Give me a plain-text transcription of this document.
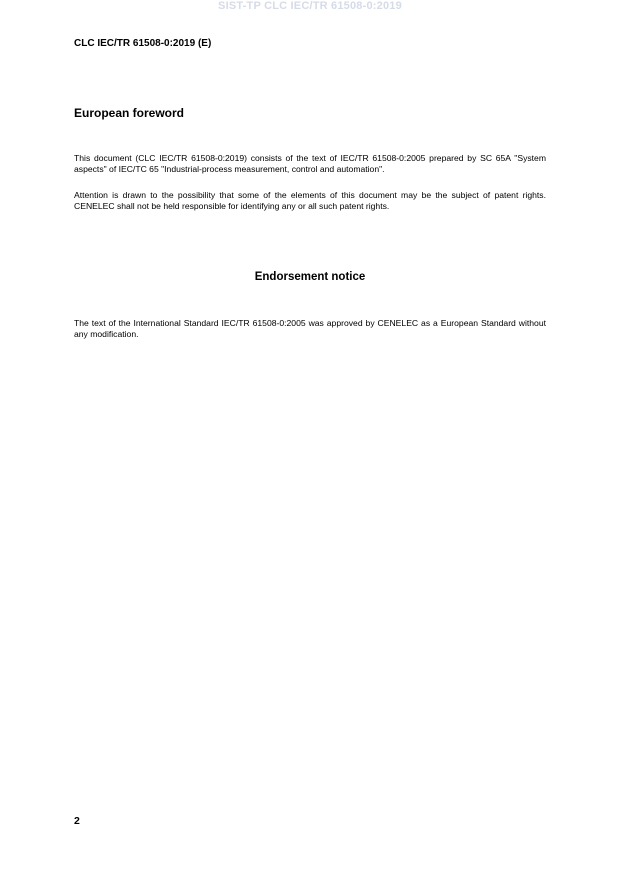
SIST-TP CLC IEC/TR 61508-0:2019
CLC IEC/TR 61508-0:2019 (E)
European foreword
This document (CLC IEC/TR 61508-0:2019) consists of the text of IEC/TR 61508-0:2005 prepared by SC 65A "System aspects" of IEC/TC 65 "Industrial-process measurement, control and automation".
Attention is drawn to the possibility that some of the elements of this document may be the subject of patent rights. CENELEC shall not be held responsible for identifying any or all such patent rights.
Endorsement notice
The text of the International Standard IEC/TR 61508-0:2005 was approved by CENELEC as a European Standard without any modification.
2
